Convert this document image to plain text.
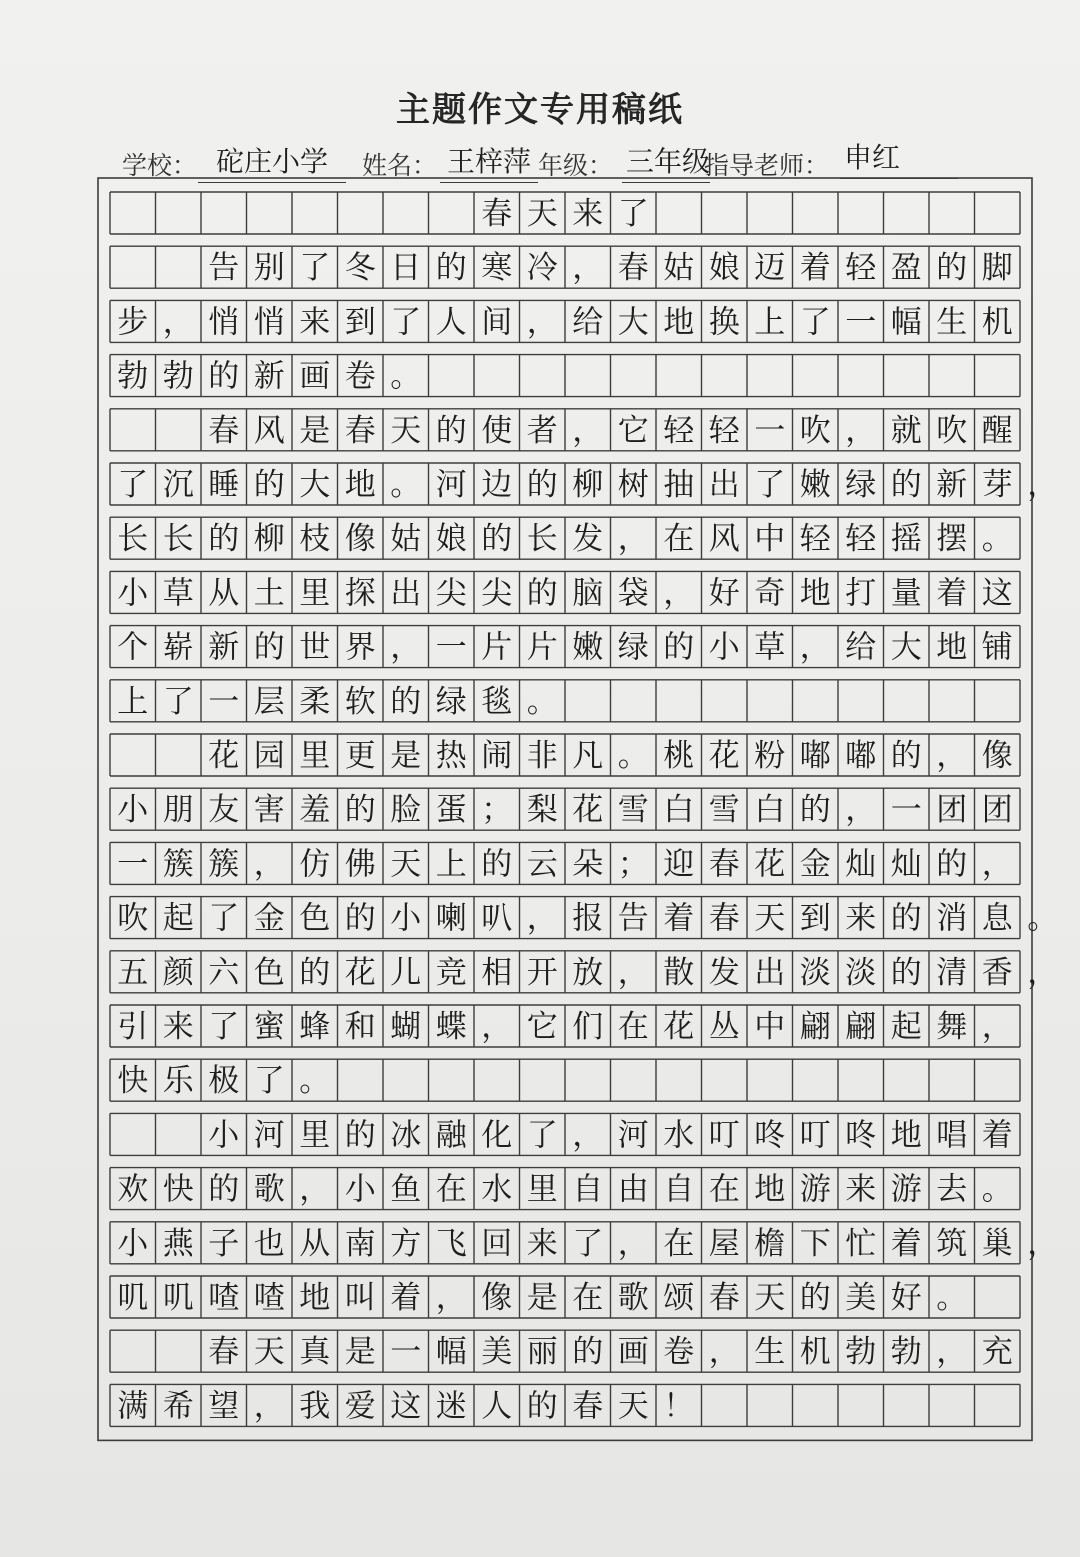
主题作文专用稿纸
学校： 砣庄小学	姓名： 王梓萍 年级： 三年级
指导老师： 申红
春 天 来 了
告 别 了 冬 日 的 寒 冷 ， 春 姑 娘 迈 着 轻 盈 的 脚
步 ， 悄 悄 来 到 了 人 间 ， 给 大 地 换 上 了 一 幅 生 机
勃 勃 的 新 画 卷 。
春 风 是 春 天 的 使 者 ， 它 轻 轻 一 吹 ， 就 吹 醒
了 沉 睡 的 大 地 。 河 边 的 柳 树 抽 出 了 嫩 绿 的 新 芽 ，
长 长 的 柳 枝 像 姑 娘 的 长 发 ， 在 风 中 轻 轻 摇 摆 。
小 草 从 土 里 探 出 尖 尖 的 脑 袋 ， 好 奇 地 打 量 着 这
个 崭 新 的 世 界 ， 一 片 片 嫩 绿 的 小 草 ， 给 大 地 铺
上 了 一 层 柔 软 的 绿 毯 。
花 园 里 更 是 热 闹 非 凡 。 桃 花 粉 嘟 嘟 的 ， 像
小 朋 友 害 羞 的 脸 蛋 ； 梨 花 雪 白 雪 白 的 ， 一 团 团
一 簇 簇 ， 仿 佛 天 上 的 云 朵 ； 迎 春 花 金 灿 灿 的 ，
吹 起 了 金 色 的 小 喇 叭 ， 报 告 着 春 天 到 来 的 消 息 。
五 颜 六 色 的 花 儿 竞 相 开 放 ， 散 发 出 淡 淡 的 清 香 ，
引 来 了 蜜 蜂 和 蝴 蝶 ， 它 们 在 花 丛 中 翩 翩 起 舞 ，
快 乐 极 了 。
小 河 里 的 冰 融 化 了 ， 河 水 叮 咚 叮 咚 地 唱 着
欢 快 的 歌 ， 小 鱼 在 水 里 自 由 自 在 地 游 来 游 去 。
小 燕 子 也 从 南 方 飞 回 来 了 ， 在 屋 檐 下 忙 着 筑 巢 ，
叽 叽 喳 喳 地 叫 着 ， 像 是 在 歌 颂 春 天 的 美 好 。
春 天 真 是 一 幅 美 丽 的 画 卷 ， 生 机 勃 勃 ， 充
满 希 望 ， 我 爱 这 迷 人 的 春 天 ！
